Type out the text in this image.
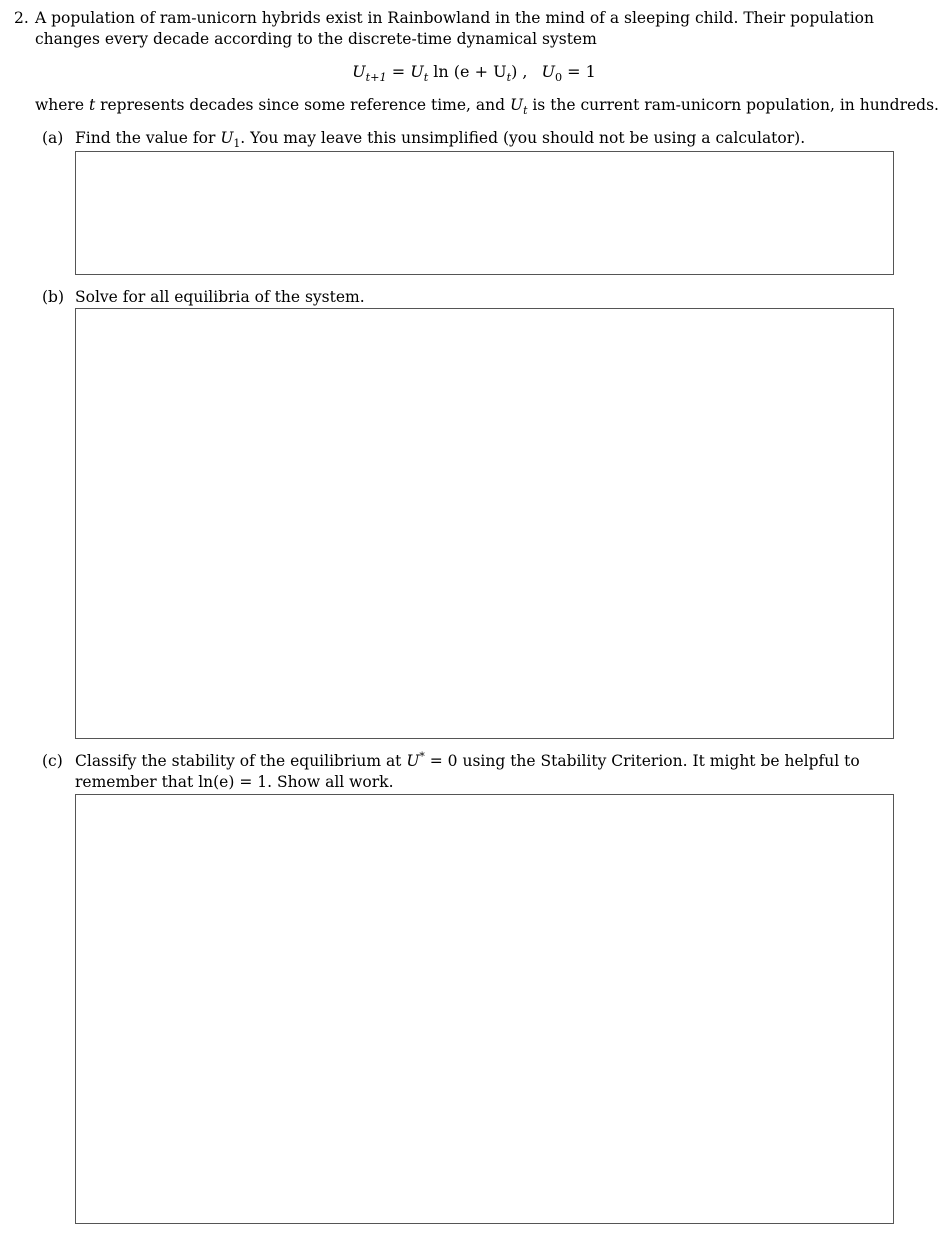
2. A population of ram-unicorn hybrids exist in Rainbowland in the mind of a sleeping child. Their population
changes every decade according to the discrete-time dynamical system
$U_{t+1} = U_t$ $\ln (e + U_t)$ , $U_0 = 1$
where t represents decades since some reference time, and $U_t$ is the current ram-unicorn population, in hundreds.
(a) Find the value for $U_1$. You may leave this unsimplified (you should not be using a calculator).
(b) Solve for all equilibria of the system.
(c) Classify the stability of the equilibrium at U* = 0 using the Stability Criterion. It might be helpful to
remember that ln(e) = 1. Show all work.
